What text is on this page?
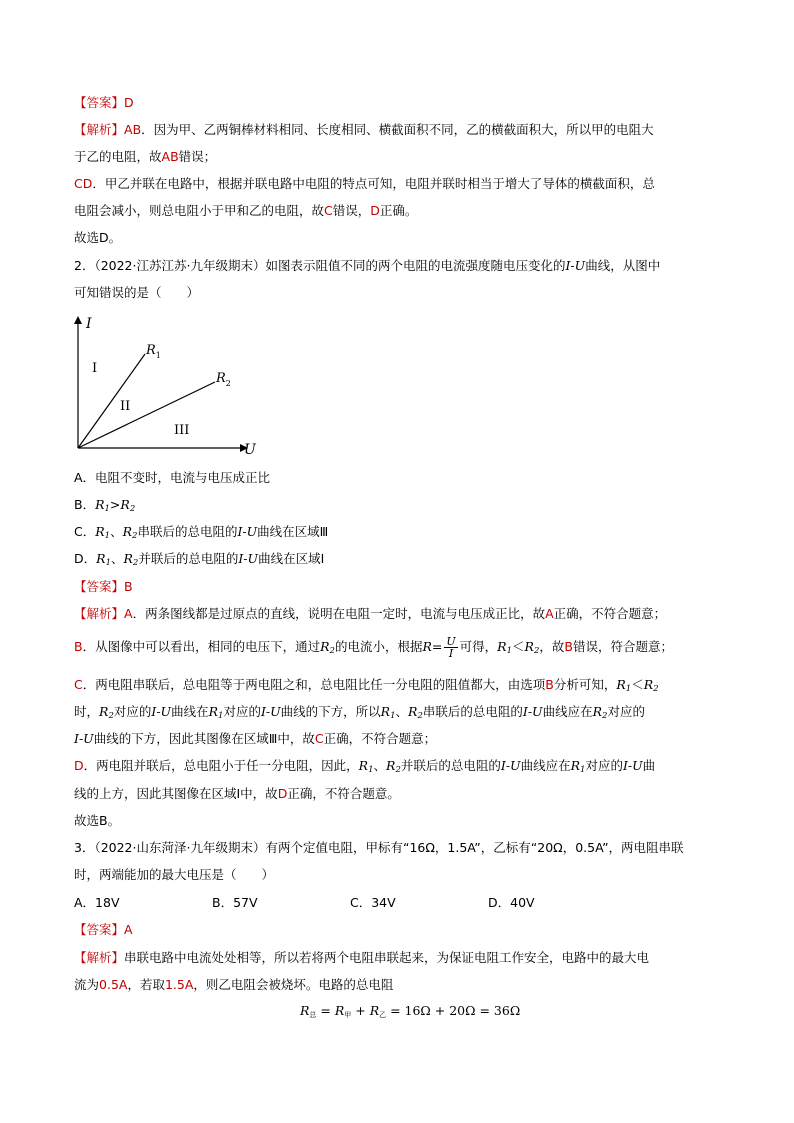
【答案】D
【解析】AB．因为甲、乙两铜棒材料相同、长度相同、横截面积不同，乙的横截面积大，所以甲的电阻大
于乙的电阻，故AB错误；
CD．甲乙并联在电路中，根据并联电路中电阻的特点可知，电阻并联时相当于增大了导体的横截面积，总
电阻会减小，则总电阻小于甲和乙的电阻，故C错误，D正确。
故选D。
2．（2022·江苏江苏·九年级期末）如图表示阻值不同的两个电阻的电流强度随电压变化的I-U曲线，从图中
可知错误的是（　　）
I
U
$R_1$
$R_2$
I
II
III
A．电阻不变时，电流与电压成正比
B．$R_1>R_2$
C．$R_1$、$R_2$串联后的总电阻的I-U曲线在区域Ⅲ
D．$R_1$、$R_2$并联后的总电阻的I-U曲线在区域Ⅰ
【答案】B
【解析】A．两条图线都是过原点的直线，说明在电阻一定时，电流与电压成正比，故A正确，不符合题意；
B．从图像中可以看出，相同的电压下，通过$R_2$的电流小，根据$R= \frac{U}{I}$ 可得，$R_1<R_2$，故B错误，符合题意；
C．两电阻串联后，总电阻等于两电阻之和，总电阻比任一分电阻的阻值都大，由选项B分析可知，$R_1<R_2$
时，$R_2$对应的I-U曲线在$R_1$对应的I-U曲线的下方，所以$R_1$、$R_2$串联后的总电阻的I-U曲线应在$R_2$对应的
I-U曲线的下方，因此其图像在区域Ⅲ中，故C正确，不符合题意；
D．两电阻并联后，总电阻小于任一分电阻，因此，$R_1$、$R_2$并联后的总电阻的I-U曲线应在$R_1$对应的I-U曲
线的上方，因此其图像在区域Ⅰ中，故D正确，不符合题意。
故选B。
3．（2022·山东菏泽·九年级期末）有两个定值电阻，甲标有“16Ω，1.5A”，乙标有“20Ω，0.5A”，两电阻串联
时，两端能加的最大电压是（　　）
A．18V	B．57V	C．34V	D．40V
【答案】A
【解析】串联电路中电流处处相等，所以若将两个电阻串联起来，为保证电阻工作安全，电路中的最大电
流为0.5A，若取1.5A，则乙电阻会被烧坏。电路的总电阻
$R_总 = R_甲 + R_乙 = 16\Omega + 20\Omega = 36\Omega$
